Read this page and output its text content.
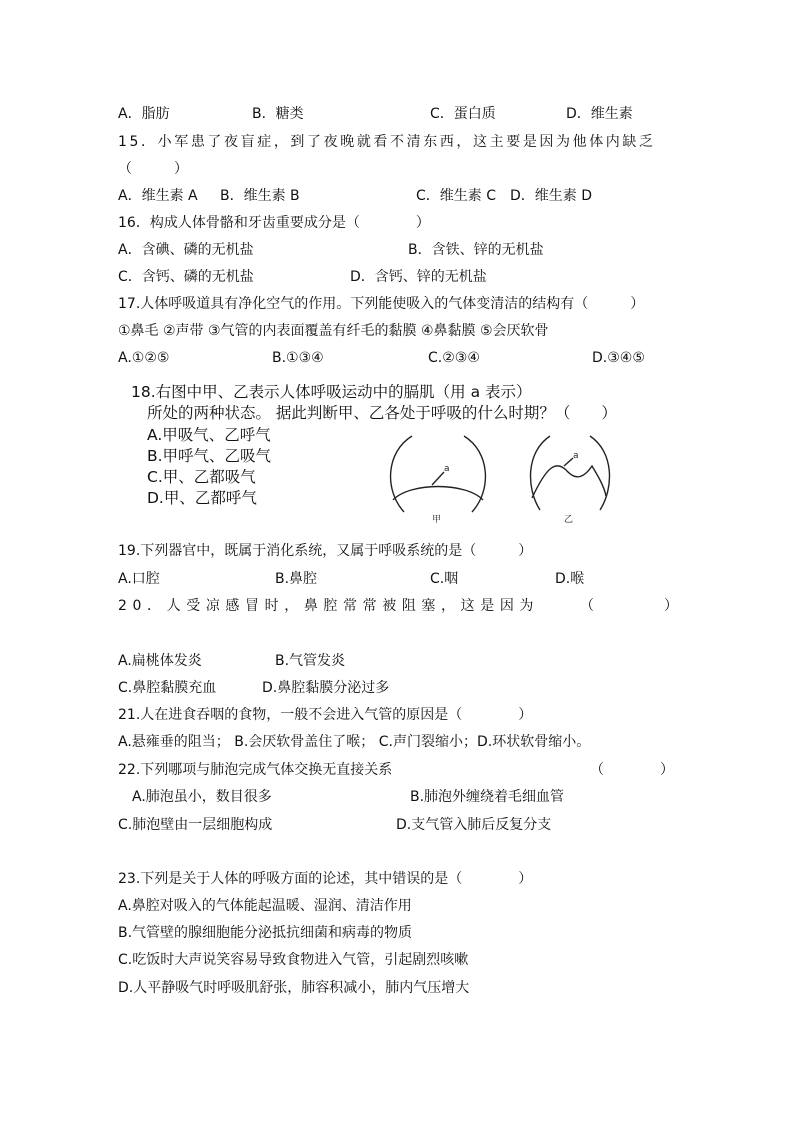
A．脂肪	B．糖类	C．蛋白质	D．维生素
15．小军患了夜盲症，到了夜晚就看不清东西，这主要是因为他体内缺乏
（　　　）
A．维生素 A B．维生素 B	C．维生素 C D．维生素 D
16．构成人体骨骼和牙齿重要成分是（　　　　）
A．含碘、磷的无机盐	B．含铁、锌的无机盐
C．含钙、磷的无机盐	D．含钙、锌的无机盐
17.人体呼吸道具有净化空气的作用。下列能使吸入的气体变清洁的结构有（　　　）
①鼻毛 ②声带 ③气管的内表面覆盖有纤毛的黏膜 ④鼻黏膜 ⑤会厌软骨
A.①②⑤	B.①③④	C.②③④	D.③④⑤
18.右图中甲、乙表示人体呼吸运动中的膈肌（用 a 表示）
所处的两种状态。 据此判断甲、乙各处于呼吸的什么时期？（　　）
A.甲吸气、乙呼气
B.甲呼气、乙吸气
C.甲、乙都吸气
D.甲、乙都呼气
a
甲
a
乙
19.下列器官中，既属于消化系统，又属于呼吸系统的是（　　　）
A.口腔	B.鼻腔	C.咽	D.喉
20．人受凉感冒时，鼻腔常常被阻塞，这是因为	（　　　　　）
A.扁桃体发炎	B.气管发炎
C.鼻腔黏膜充血	D.鼻腔黏膜分泌过多
21.人在进食吞咽的食物，一般不会进入气管的原因是（　　　　）
A.悬雍垂的阻当； B.会厌软骨盖住了喉； C.声门裂缩小；D.环状软骨缩小。
22.下列哪项与肺泡完成气体交换无直接关系	（　　　　）
A.肺泡虽小，数目很多	B.肺泡外缠绕着毛细血管
C.肺泡壁由一层细胞构成	D.支气管入肺后反复分支
23.下列是关于人体的呼吸方面的论述，其中错误的是（　　　　）
A.鼻腔对吸入的气体能起温暖、湿润、清洁作用
B.气管壁的腺细胞能分泌抵抗细菌和病毒的物质
C.吃饭时大声说笑容易导致食物进入气管，引起剧烈咳嗽
D.人平静吸气时呼吸肌舒张，肺容积减小，肺内气压增大
